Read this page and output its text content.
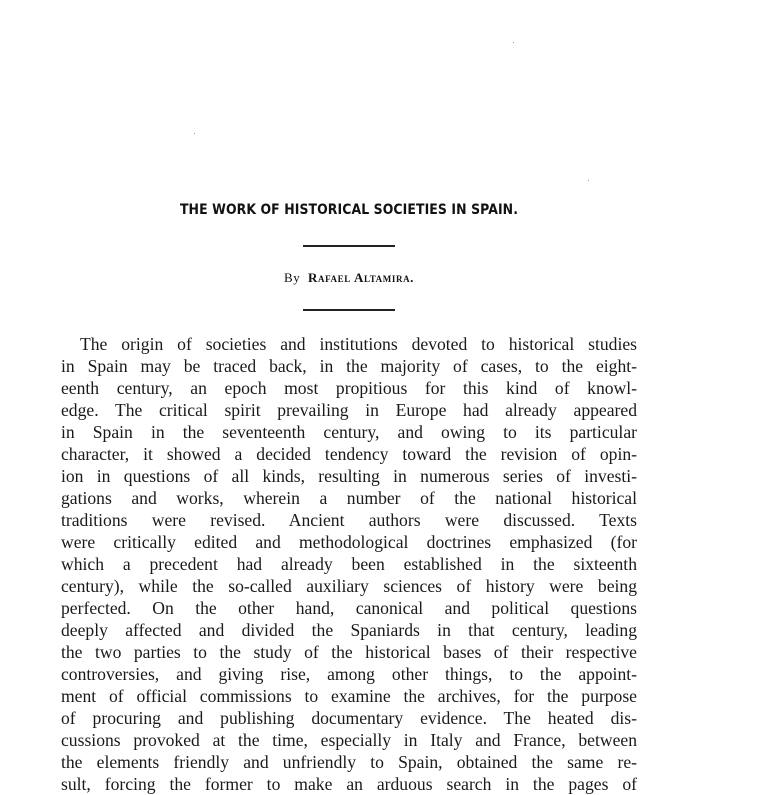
THE WORK OF HISTORICAL SOCIETIES IN SPAIN.
By Rafael Altamira.
The origin of societies and institutions devoted to historical studies
in Spain may be traced back, in the majority of cases, to the eight-
eenth century, an epoch most propitious for this kind of knowl-
edge. The critical spirit prevailing in Europe had already appeared
in Spain in the seventeenth century, and owing to its particular
character, it showed a decided tendency toward the revision of opin-
ion in questions of all kinds, resulting in numerous series of investi-
gations and works, wherein a number of the national historical
traditions were revised. Ancient authors were discussed. Texts
were critically edited and methodological doctrines emphasized (for
which a precedent had already been established in the sixteenth
century), while the so-called auxiliary sciences of history were being
perfected. On the other hand, canonical and political questions
deeply affected and divided the Spaniards in that century, leading
the two parties to the study of the historical bases of their respective
controversies, and giving rise, among other things, to the appoint-
ment of official commissions to examine the archives, for the purpose
of procuring and publishing documentary evidence. The heated dis-
cussions provoked at the time, especially in Italy and France, between
the elements friendly and unfriendly to Spain, obtained the same re-
sult, forcing the former to make an arduous search in the pages of
